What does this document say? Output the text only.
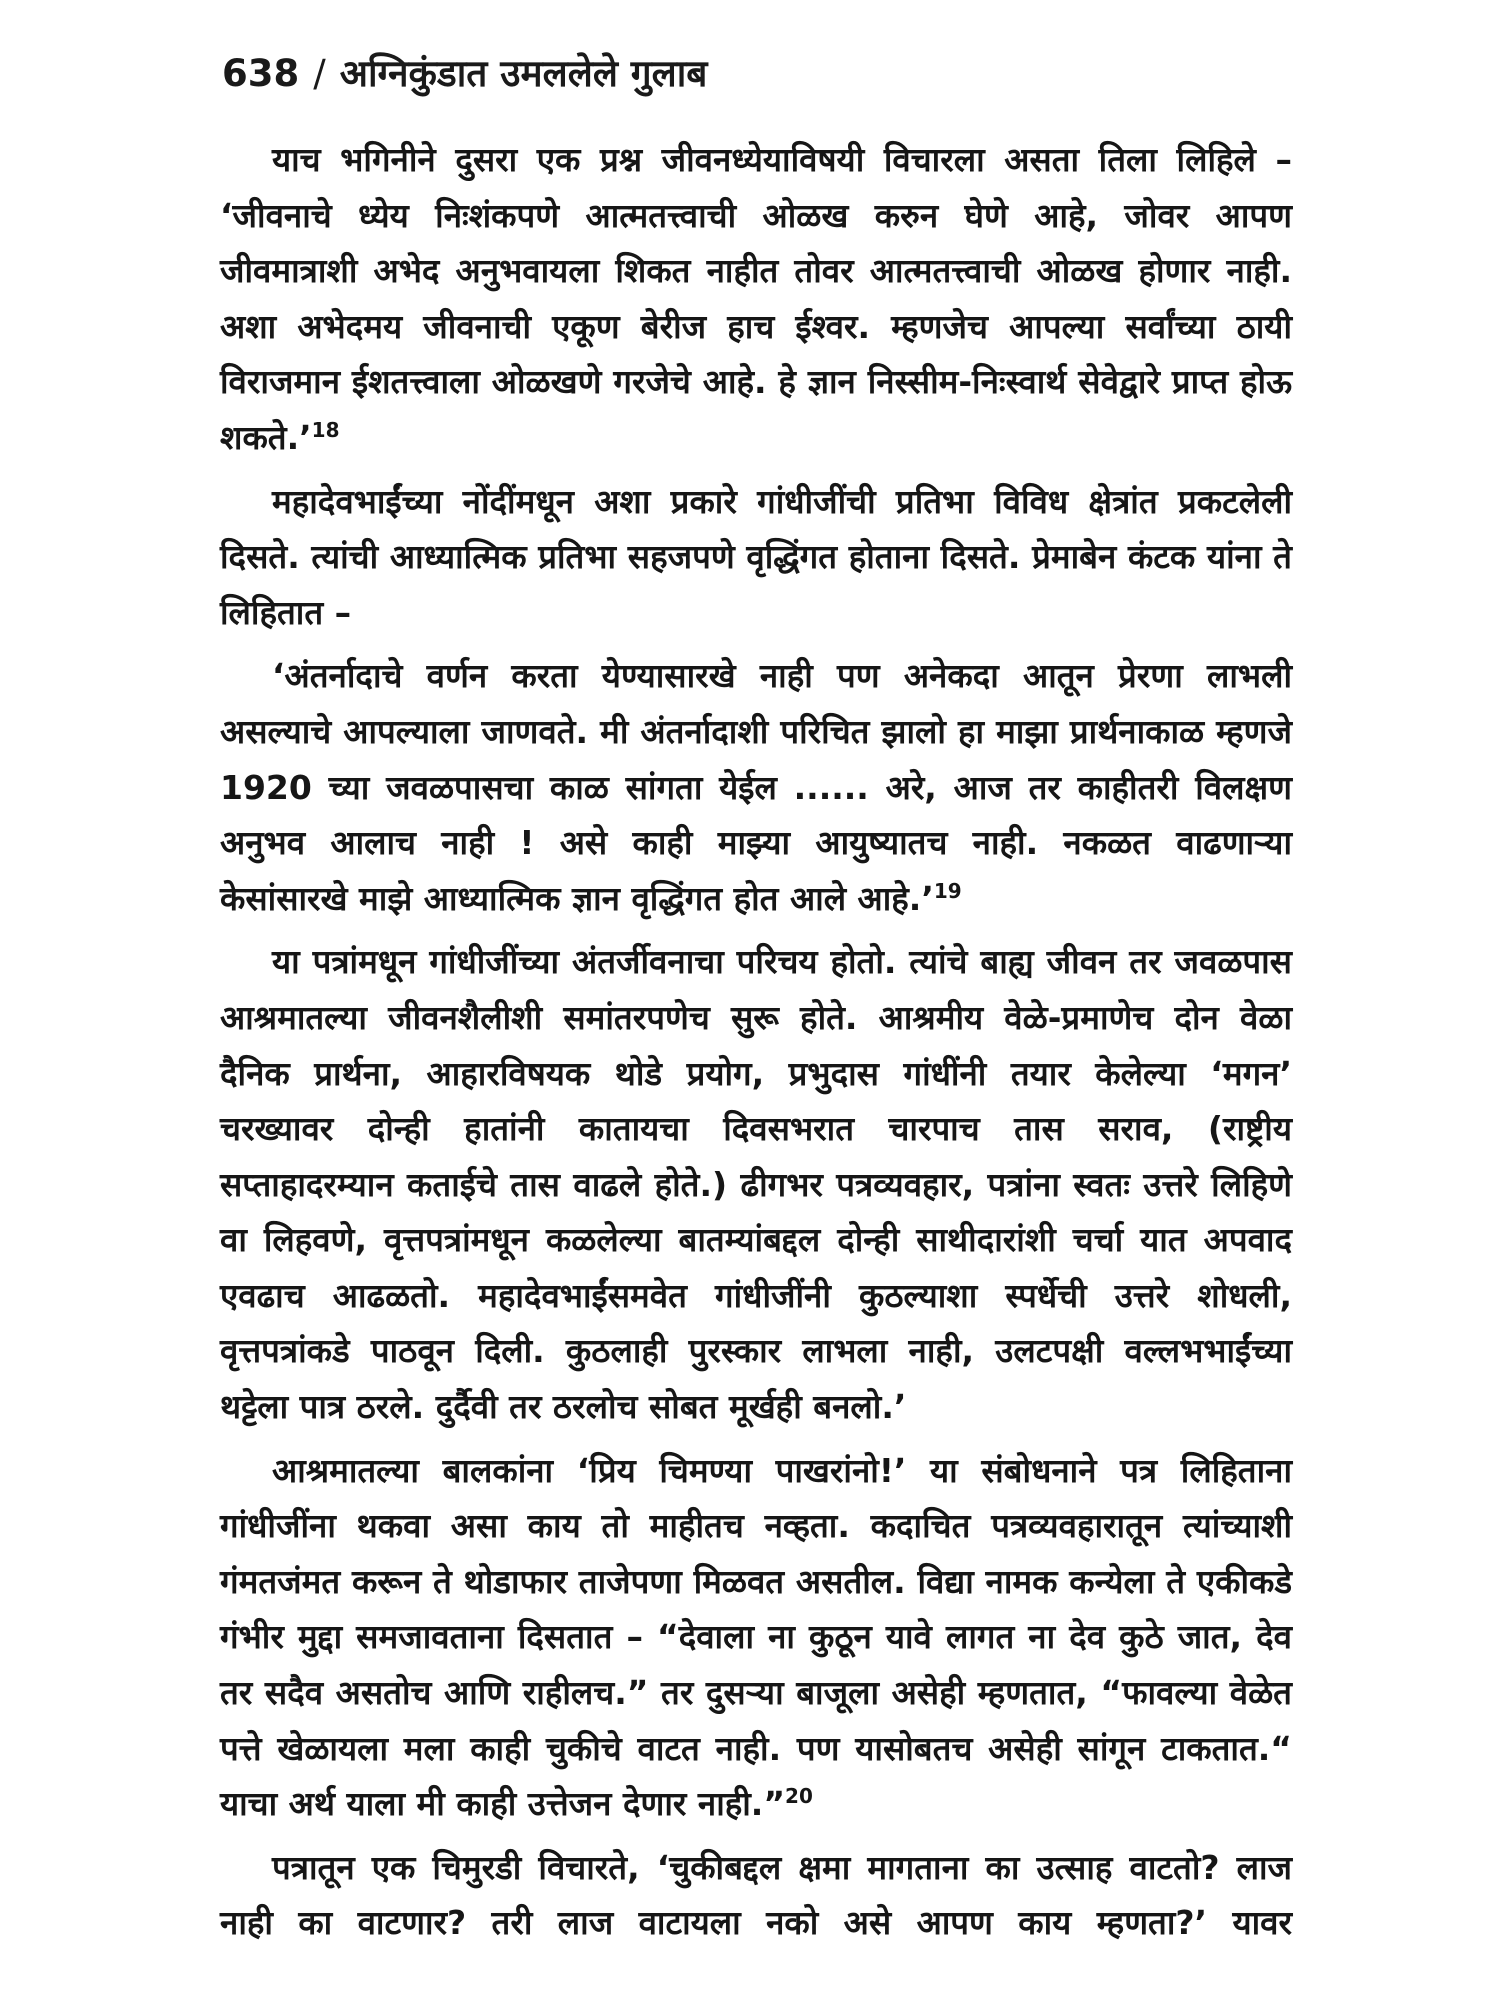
638 / अग्निकुंडात उमललेले गुलाब

याच भगिनीने दुसरा एक प्रश्न जीवनध्येयाविषयी विचारला असता तिला लिहिले – ‘जीवनाचे ध्येय निःशंकपणे आत्मतत्त्वाची ओळख करुन घेणे आहे, जोवर आपण जीवमात्राशी अभेद अनुभवायला शिकत नाहीत तोवर आत्मतत्त्वाची ओळख होणार नाही. अशा अभेदमय जीवनाची एकूण बेरीज हाच ईश्वर. म्हणजेच आपल्या सर्वांच्या ठायी विराजमान ईशतत्त्वाला ओळखणे गरजेचे आहे. हे ज्ञान निस्सीम-निःस्वार्थ सेवेद्वारे प्राप्त होऊ शकते.’$^{18}$

महादेवभाईंच्या नोंदींमधून अशा प्रकारे गांधीजींची प्रतिभा विविध क्षेत्रांत प्रकटलेली दिसते. त्यांची आध्यात्मिक प्रतिभा सहजपणे वृद्धिंगत होताना दिसते. प्रेमाबेन कंटक यांना ते लिहितात –

‘अंतर्नादाचे वर्णन करता येण्यासारखे नाही पण अनेकदा आतून प्रेरणा लाभली असल्याचे आपल्याला जाणवते. मी अंतर्नादाशी परिचित झालो हा माझा प्रार्थनाकाळ म्हणजे 1920 च्या जवळपासचा काळ सांगता येईल ...... अरे, आज तर काहीतरी विलक्षण अनुभव आलाच नाही ! असे काही माझ्या आयुष्यातच नाही. नकळत वाढणाऱ्या केसांसारखे माझे आध्यात्मिक ज्ञान वृद्धिंगत होत आले आहे.’$^{19}$

या पत्रांमधून गांधीजींच्या अंतर्जीवनाचा परिचय होतो. त्यांचे बाह्य जीवन तर जवळपास आश्रमातल्या जीवनशैलीशी समांतरपणेच सुरू होते. आश्रमीय वेळे-प्रमाणेच दोन वेळा दैनिक प्रार्थना, आहारविषयक थोडे प्रयोग, प्रभुदास गांधींनी तयार केलेल्या ‘मगन’ चरख्यावर दोन्ही हातांनी कातायचा दिवसभरात चारपाच तास सराव, (राष्ट्रीय सप्ताहादरम्यान कताईचे तास वाढले होते.) ढीगभर पत्रव्यवहार, पत्रांना स्वतः उत्तरे लिहिणे वा लिहवणे, वृत्तपत्रांमधून कळलेल्या बातम्यांबद्दल दोन्ही साथीदारांशी चर्चा यात अपवाद एवढाच आढळतो. महादेवभाईंसमवेत गांधीजींनी कुठल्याशा स्पर्धेची उत्तरे शोधली, वृत्तपत्रांकडे पाठवून दिली. कुठलाही पुरस्कार लाभला नाही, उलटपक्षी वल्लभभाईंच्या थट्टेला पात्र ठरले. दुर्दैवी तर ठरलोच सोबत मूर्खही बनलो.’

आश्रमातल्या बालकांना ‘प्रिय चिमण्या पाखरांनो!’ या संबोधनाने पत्र लिहिताना गांधीजींना थकवा असा काय तो माहीतच नव्हता. कदाचित पत्रव्यवहारातून त्यांच्याशी गंमतजंमत करून ते थोडाफार ताजेपणा मिळवत असतील. विद्या नामक कन्येला ते एकीकडे गंभीर मुद्दा समजावताना दिसतात – “देवाला ना कुठून यावे लागत ना देव कुठे जात, देव तर सदैव असतोच आणि राहीलच.” तर दुसऱ्या बाजूला असेही म्हणतात, “फावल्या वेळेत पत्ते खेळायला मला काही चुकीचे वाटत नाही. पण यासोबतच असेही सांगून टाकतात.“ याचा अर्थ याला मी काही उत्तेजन देणार नाही.”$^{20}$

पत्रातून एक चिमुरडी विचारते, ‘चुकीबद्दल क्षमा मागताना का उत्साह वाटतो? लाज नाही का वाटणार? तरी लाज वाटायला नको असे आपण काय म्हणता?’ यावर
